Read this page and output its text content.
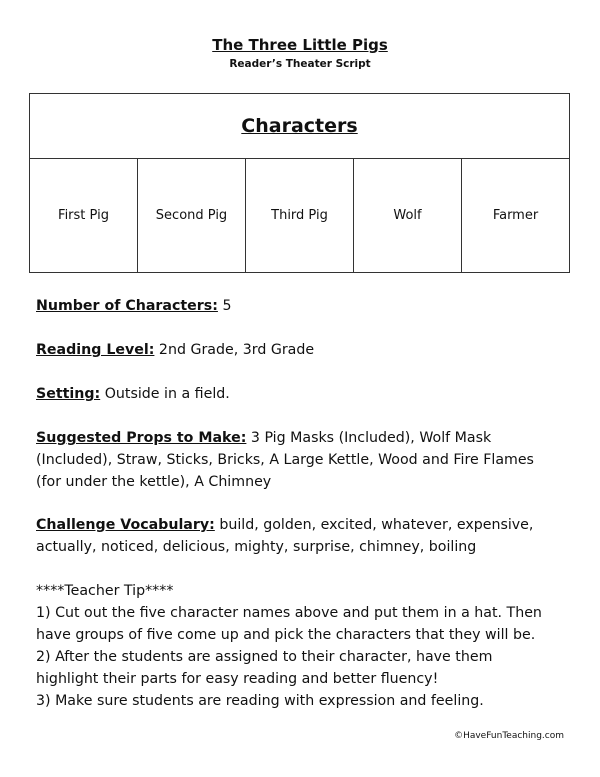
The Three Little Pigs
Reader’s Theater Script
Characters
First Pig	Second Pig	Third Pig	Wolf	Farmer
Number of Characters: 5
Reading Level: 2nd Grade, 3rd Grade
Setting: Outside in a field.
Suggested Props to Make: 3 Pig Masks (Included), Wolf Mask
(Included), Straw, Sticks, Bricks, A Large Kettle, Wood and Fire Flames
(for under the kettle), A Chimney
Challenge Vocabulary: build, golden, excited, whatever, expensive,
actually, noticed, delicious, mighty, surprise, chimney, boiling
****Teacher Tip****
1) Cut out the five character names above and put them in a hat. Then
have groups of five come up and pick the characters that they will be.
2) After the students are assigned to their character, have them
highlight their parts for easy reading and better fluency!
3) Make sure students are reading with expression and feeling.
©HaveFunTeaching.com
